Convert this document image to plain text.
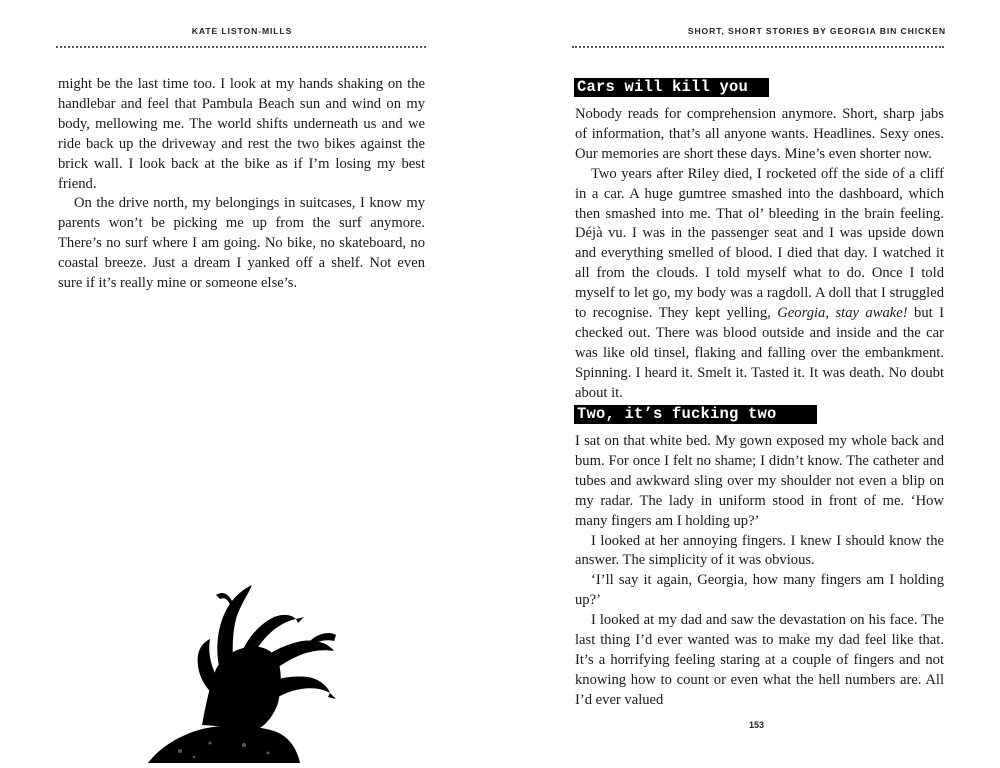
KATE LISTON-MILLS

might be the last time too. I look at my hands shaking on the handlebar and feel that Pambula Beach sun and wind on my body, mellowing me. The world shifts underneath us and we ride back up the driveway and rest the two bikes against the brick wall. I look back at the bike as if I’m losing my best friend.

On the drive north, my belongings in suitcases, I know my parents won’t be picking me up from the surf anymore. There’s no surf where I am going. No bike, no skateboard, no coastal breeze. Just a dream I yanked off a shelf. Not even sure if it’s really mine or someone else’s.

SHORT, SHORT STORIES BY GEORGIA BIN CHICKEN
Cars will kill you

Nobody reads for comprehension anymore. Short, sharp jabs of information, that’s all anyone wants. Headlines. Sexy ones. Our memories are short these days. Mine’s even shorter now.

Two years after Riley died, I rocketed off the side of a cliff in a car. A huge gumtree smashed into the dashboard, which then smashed into me. That ol’ bleeding in the brain feeling. Déjà vu. I was in the passenger seat and I was upside down and everything smelled of blood. I died that day. I watched it all from the clouds. I told myself what to do. Once I told myself to let go, my body was a ragdoll. A doll that I struggled to recognise. They kept yelling, Georgia, stay awake! but I checked out. There was blood outside and inside and the car was like old tinsel, flaking and falling over the embankment. Spinning. I heard it. Smelt it. Tasted it. It was death. No doubt about it.

Two, it’s fucking two

I sat on that white bed. My gown exposed my whole back and bum. For once I felt no shame; I didn’t know. The catheter and tubes and awkward sling over my shoulder not even a blip on my radar. The lady in uniform stood in front of me. ‘How many fingers am I holding up?’

I looked at her annoying fingers. I knew I should know the answer. The simplicity of it was obvious.

‘I’ll say it again, Georgia, how many fingers am I holding up?’

I looked at my dad and saw the devastation on his face. The last thing I’d ever wanted was to make my dad feel like that. It’s a horrifying feeling staring at a couple of fingers and not knowing how to count or even what the hell numbers are. All I’d ever valued

153
